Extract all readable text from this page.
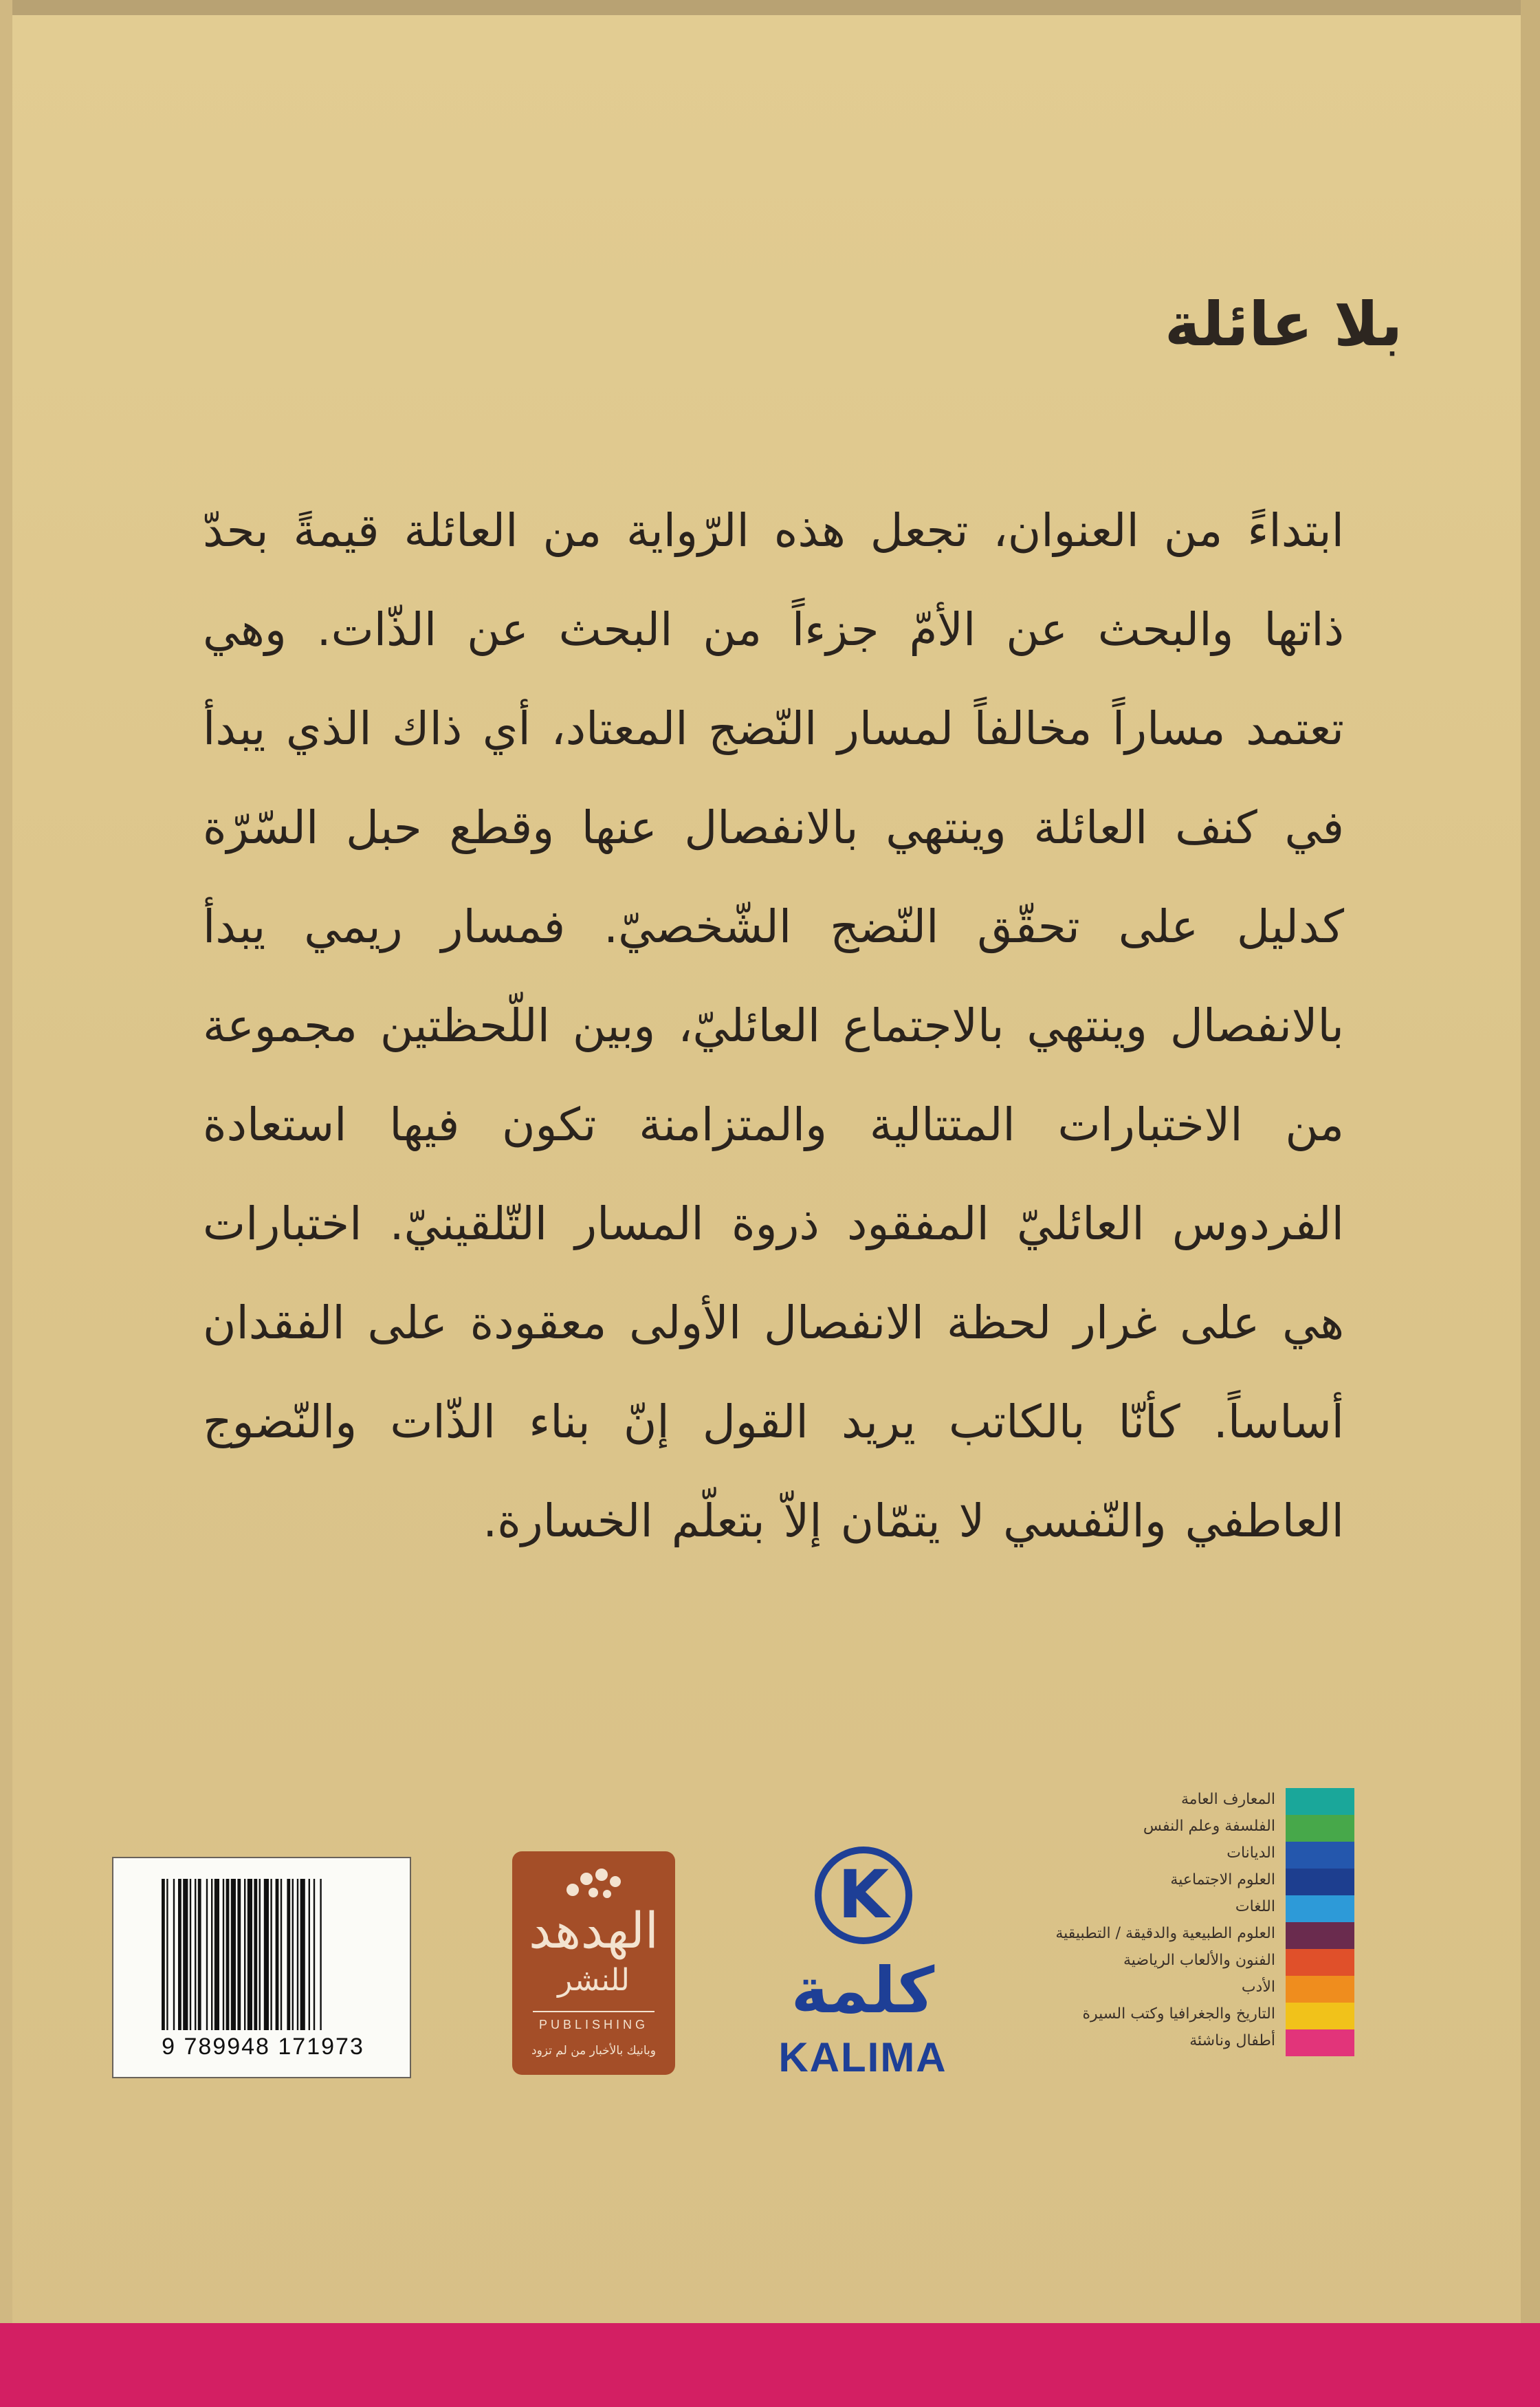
بلا عائلة

ابتداءً من العنوان، تجعل هذه الرّواية من العائلة قيمةً بحدّ ذاتها والبحث عن الأمّ جزءاً من البحث عن الذّات. وهي تعتمد مساراً مخالفاً لمسار النّضج المعتاد، أي ذاك الذي يبدأ في كنف العائلة وينتهي بالانفصال عنها وقطع حبل السّرّة كدليل على تحقّق النّضج الشّخصيّ. فمسار ريمي يبدأ بالانفصال وينتهي بالاجتماع العائليّ، وبين اللّحظتين مجموعة من الاختبارات المتتالية والمتزامنة تكون فيها استعادة الفردوس العائليّ المفقود ذروة المسار التّلقينيّ. اختبارات هي على غرار لحظة الانفصال الأولى معقودة على الفقدان أساساً. كأنّا بالكاتب يريد القول إنّ بناء الذّات والنّضوج العاطفي والنّفسي لا يتمّان إلاّ بتعلّم الخسارة.

المعارف العامة
الفلسفة وعلم النفس
الديانات
العلوم الاجتماعية
اللغات
العلوم الطبيعية والدقيقة / التطبيقية
الفنون والألعاب الرياضية
الأدب
التاريخ والجغرافيا وكتب السيرة
أطفال وناشئة
K
كلمة
KALIMA
الهدهد
للنشر
PUBLISHING
وبانيك بالأخبار من لم تزود
9 789948 171973
